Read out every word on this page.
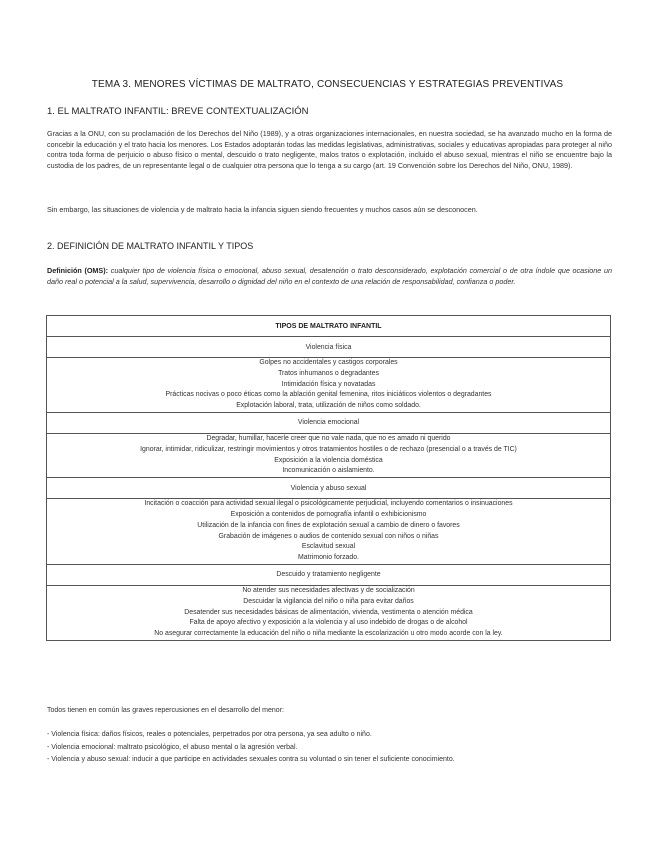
TEMA 3. MENORES VÍCTIMAS DE MALTRATO, CONSECUENCIAS Y ESTRATEGIAS PREVENTIVAS
1. EL MALTRATO INFANTIL: BREVE CONTEXTUALIZACIÓN
Gracias a la ONU, con su proclamación de los Derechos del Niño (1989), y a otras organizaciones internacionales, en nuestra sociedad, se ha avanzado mucho en la forma de concebir la educación y el trato hacia los menores. Los Estados adoptarán todas las medidas legislativas, administrativas, sociales y educativas apropiadas para proteger al niño contra toda forma de perjuicio o abuso físico o mental, descuido o trato negligente, malos tratos o explotación, incluido el abuso sexual, mientras el niño se encuentre bajo la custodia de los padres, de un representante legal o de cualquier otra persona que lo tenga a su cargo (art. 19 Convención sobre los Derechos del Niño, ONU, 1989).
Sin embargo, las situaciones de violencia y de maltrato hacia la infancia siguen siendo frecuentes y muchos casos aún se desconocen.
2. DEFINICIÓN DE MALTRATO INFANTIL Y TIPOS
Definición (OMS): cualquier tipo de violencia física o emocional, abuso sexual, desatención o trato desconsiderado, explotación comercial o de otra índole que ocasione un daño real o potencial a la salud, supervivencia, desarrollo o dignidad del niño en el contexto de una relación de responsabilidad, confianza o poder.
TIPOS DE MALTRATO INFANTIL
Violencia física

Golpes no accidentales y castigos corporales
Tratos inhumanos o degradantes
Intimidación física y novatadas
Prácticas nocivas o poco éticas como la ablación genital femenina, ritos iniciáticos violentos o degradantes
Explotación laboral, trata, utilización de niños como soldado.

Violencia emocional

Degradar, humillar, hacerle creer que no vale nada, que no es amado ni querido
Ignorar, intimidar, ridiculizar, restringir movimientos y otros tratamientos hostiles o de rechazo (presencial o a través de TIC)
Exposición a la violencia doméstica
Incomunicación o aislamiento.

Violencia y abuso sexual

Incitación o coacción para actividad sexual ilegal o psicológicamente perjudicial, incluyendo comentarios o insinuaciones
Exposición a contenidos de pornografía infantil o exhibicionismo
Utilización de la infancia con fines de explotación sexual a cambio de dinero o favores
Grabación de imágenes o audios de contenido sexual con niños o niñas
Esclavitud sexual
Matrimonio forzado.

Descuido y tratamiento negligente

No atender sus necesidades afectivas y de socialización
Descuidar la vigilancia del niño o niña para evitar daños
Desatender sus necesidades básicas de alimentación, vivienda, vestimenta o atención médica
Falta de apoyo afectivo y exposición a la violencia y al uso indebido de drogas o de alcohol
No asegurar correctamente la educación del niño o niña mediante la escolarización u otro modo acorde con la ley.
Todos tienen en común las graves repercusiones en el desarrollo del menor:
- Violencia física: daños físicos, reales o potenciales, perpetrados por otra persona, ya sea adulto o niño.
- Violencia emocional: maltrato psicológico, el abuso mental o la agresión verbal.
- Violencia y abuso sexual: inducir a que participe en actividades sexuales contra su voluntad o sin tener el suficiente conocimiento.
